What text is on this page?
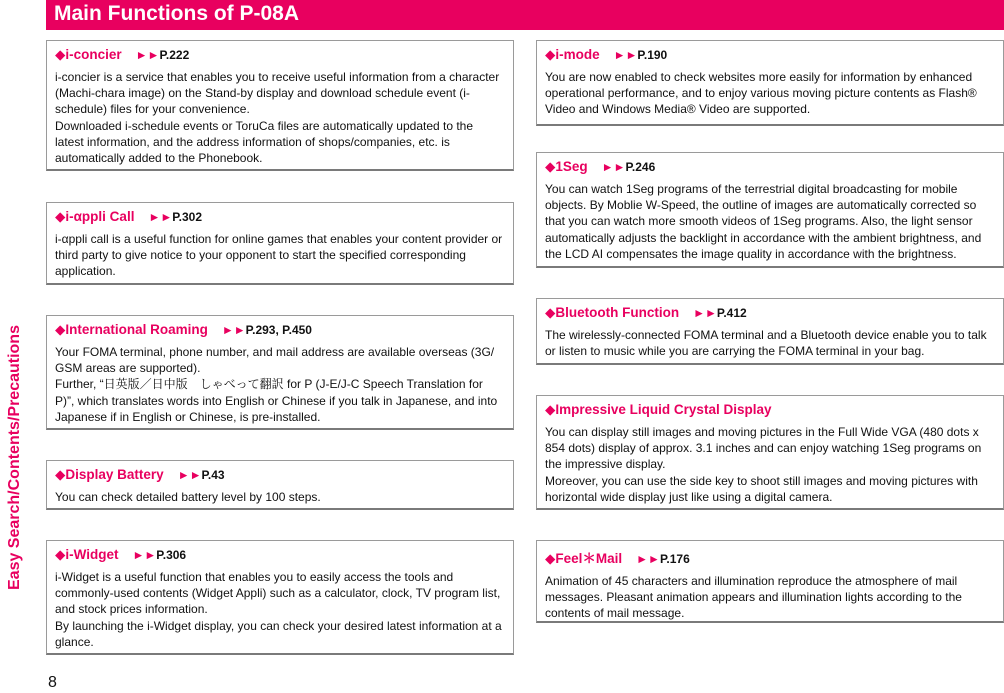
Easy Search/Contents/Precautions
Main Functions of P-08A
◆i-concier ►►P.222

i-concier is a service that enables you to receive useful information from a character (Machi-chara image) on the Stand-by display and download schedule event (i-schedule) files for your convenience.

Downloaded i-schedule events or ToruCa files are automatically updated to the latest information, and the address information of shops/companies, etc. is automatically added to the Phonebook.

◆i-αppli Call ►►P.302

i-αppli call is a useful function for online games that enables your content provider or third party to give notice to your opponent to start the specified corresponding application.

◆International Roaming ►►P.293, P.450

Your FOMA terminal, phone number, and mail address are available overseas (3G/ GSM areas are supported).

Further, “日英版／日中版　しゃべって翻訳 for P (J-E/J-C Speech Translation for P)”, which translates words into English or Chinese if you talk in Japanese, and into Japanese if in English or Chinese, is pre-installed.

◆Display Battery ►►P.43

You can check detailed battery level by 100 steps.

◆i-Widget ►►P.306

i-Widget is a useful function that enables you to easily access the tools and commonly-used contents (Widget Appli) such as a calculator, clock, TV program list, and stock prices information.

By launching the i-Widget display, you can check your desired latest information at a glance.

◆i-mode ►►P.190

You are now enabled to check websites more easily for information by enhanced operational performance, and to enjoy various moving picture contents as Flash® Video and Windows Media® Video are supported.

◆1Seg ►►P.246

You can watch 1Seg programs of the terrestrial digital broadcasting for mobile objects. By Moblie W-Speed, the outline of images are automatically corrected so that you can watch more smooth videos of 1Seg programs. Also, the light sensor automatically adjusts the backlight in accordance with the ambient brightness, and the LCD AI compensates the image quality in accordance with the brightness.

◆Bluetooth Function ►►P.412

The wirelessly-connected FOMA terminal and a Bluetooth device enable you to talk or listen to music while you are carrying the FOMA terminal in your bag.

◆Impressive Liquid Crystal Display

You can display still images and moving pictures in the Full Wide VGA (480 dots x 854 dots) display of approx. 3.1 inches and can enjoy watching 1Seg programs on the impressive display.

Moreover, you can use the side key to shoot still images and moving pictures with horizontal wide display just like using a digital camera.

◆Feel＊Mail ►►P.176

Animation of 45 characters and illumination reproduce the atmosphere of mail messages. Pleasant animation appears and illumination lights according to the contents of mail message.

8
